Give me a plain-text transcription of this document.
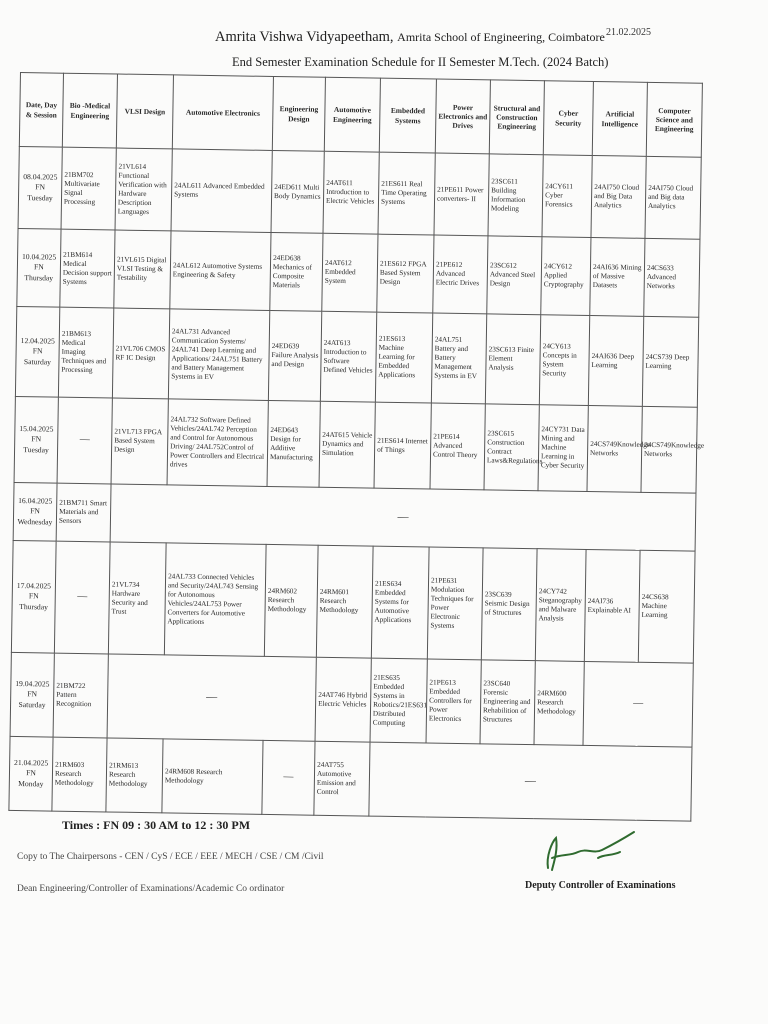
21.02.2025
Amrita Vishwa Vidyapeetham, Amrita School of Engineering, Coimbatore
End Semester Examination Schedule for II Semester M.Tech. (2024 Batch)
Date, Day & Session	Bio -Medical Engineering	VLSI Design	Automotive Electronics	Engineering Design	Automotive Engineering	Embedded Systems	Power Electronics and Drives	Structural and Construction Engineering	Cyber Security	Artificial Intelligence	Computer Science and Engineering

08.04.2025
FN
Tuesday	21BM702 Multivariate Signal Processing	21VL614 Functional Verification with Hardware Description Languages	24AL611 Advanced Embedded Systems	24ED611 Multi Body Dynamics	24AT611 Introduction to Electric Vehicles	21ES611 Real Time Operating Systems	21PE611 Power converters- II	23SC611 Building Information Modeling	24CY611 Cyber Forensics	24AI750 Cloud and Big Data Analytics	24AI750 Cloud and Big data Analytics

10.04.2025
FN
Thursday	21BM614 Medical Decision support Systems	21VL615 Digital VLSI Testing & Testability	24AL612 Automotive Systems Engineering & Safety	24ED638 Mechanics of Composite Materials	24AT612 Embedded System	21ES612 FPGA Based System Design	21PE612 Advanced Electric Drives	23SC612 Advanced Steel Design	24CY612 Applied Cryptography	24AI636 Mining of Massive Datasets	24CS633 Advanced Networks

12.04.2025
FN
Saturday	21BM613 Medical Imaging Techniques and Processing	21VL706 CMOS RF IC Design	24AL731 Advanced Communication Systems/ 24AL741 Deep Learning and Applications/ 24AL751 Battery and Battery Management Systems in EV	24ED639 Failure Analysis and Design	24AT613 Introduction to Software Defined Vehicles	21ES613 Machine Learning for Embedded Applications	24AL751 Battery and Battery Management Systems in EV	23SC613 Finite Element Analysis	24CY613 Concepts in System Security	24AI636 Deep Learning	24CS739 Deep Learning

15.04.2025
FN
Tuesday	—	21VL713 FPGA Based System Design	24AL732 Software Defined Vehicles/24AL742 Perception and Control for Autonomous Driving/ 24AL752Control of Power Controllers and Electrical drives	24ED643 Design for Additive Manufacturing	24AT615 Vehicle Dynamics and Simulation	21ES614 Internet of Things	21PE614 Advanced Control Theory	23SC615 Construction Contract Laws&Regulations	24CY731 Data Mining and Machine Learning in Cyber Security	24CS749Knowledge Networks	24CS749Knowledge Networks

16.04.2025
FN
Wednesday	21BM711 Smart Materials and Sensors	—									

17.04.2025
FN
Thursday	—	21VL734 Hardware Security and Trust	24AL733 Connected Vehicles and Security/24AL743 Sensing for Autonomous Vehicles/24AL753 Power Converters for Automotive Applications	24RM602 Research Methodology	24RM601 Research Methodology	21ES634 Embedded Systems for Automotive Applications	21PE631 Modulation Techniques for Power Electronic Systems	23SC639 Seismic Design of Structures	24CY742 Steganography and Malware Analysis	24AI736 Explainable AI	24CS638 Machine Learning

19.04.2025
FN
Saturday	21BM722 Pattern Recognition	—			24AT746 Hybrid Electric Vehicles	21ES635 Embedded Systems in Robotics/21ES631 Distributed Computing	21PE613 Embedded Controllers for Power Electronics	23SC640 Forensic Engineering and Rehabilition of Structures	24RM600 Research Methodology	—	

21.04.2025
FN
Monday	21RM603 Research Methodology	21RM613 Research Methodology	24RM608 Research Methodology	—	24AT755 Automotive Emission and Control	—					
Times : FN 09 : 30 AM to 12 : 30 PM
Copy to The Chairpersons - CEN / CyS / ECE / EEE / MECH / CSE / CM /Civil
Dean Engineering/Controller of Examinations/Academic Co ordinator	Deputy Controller of Examinations
